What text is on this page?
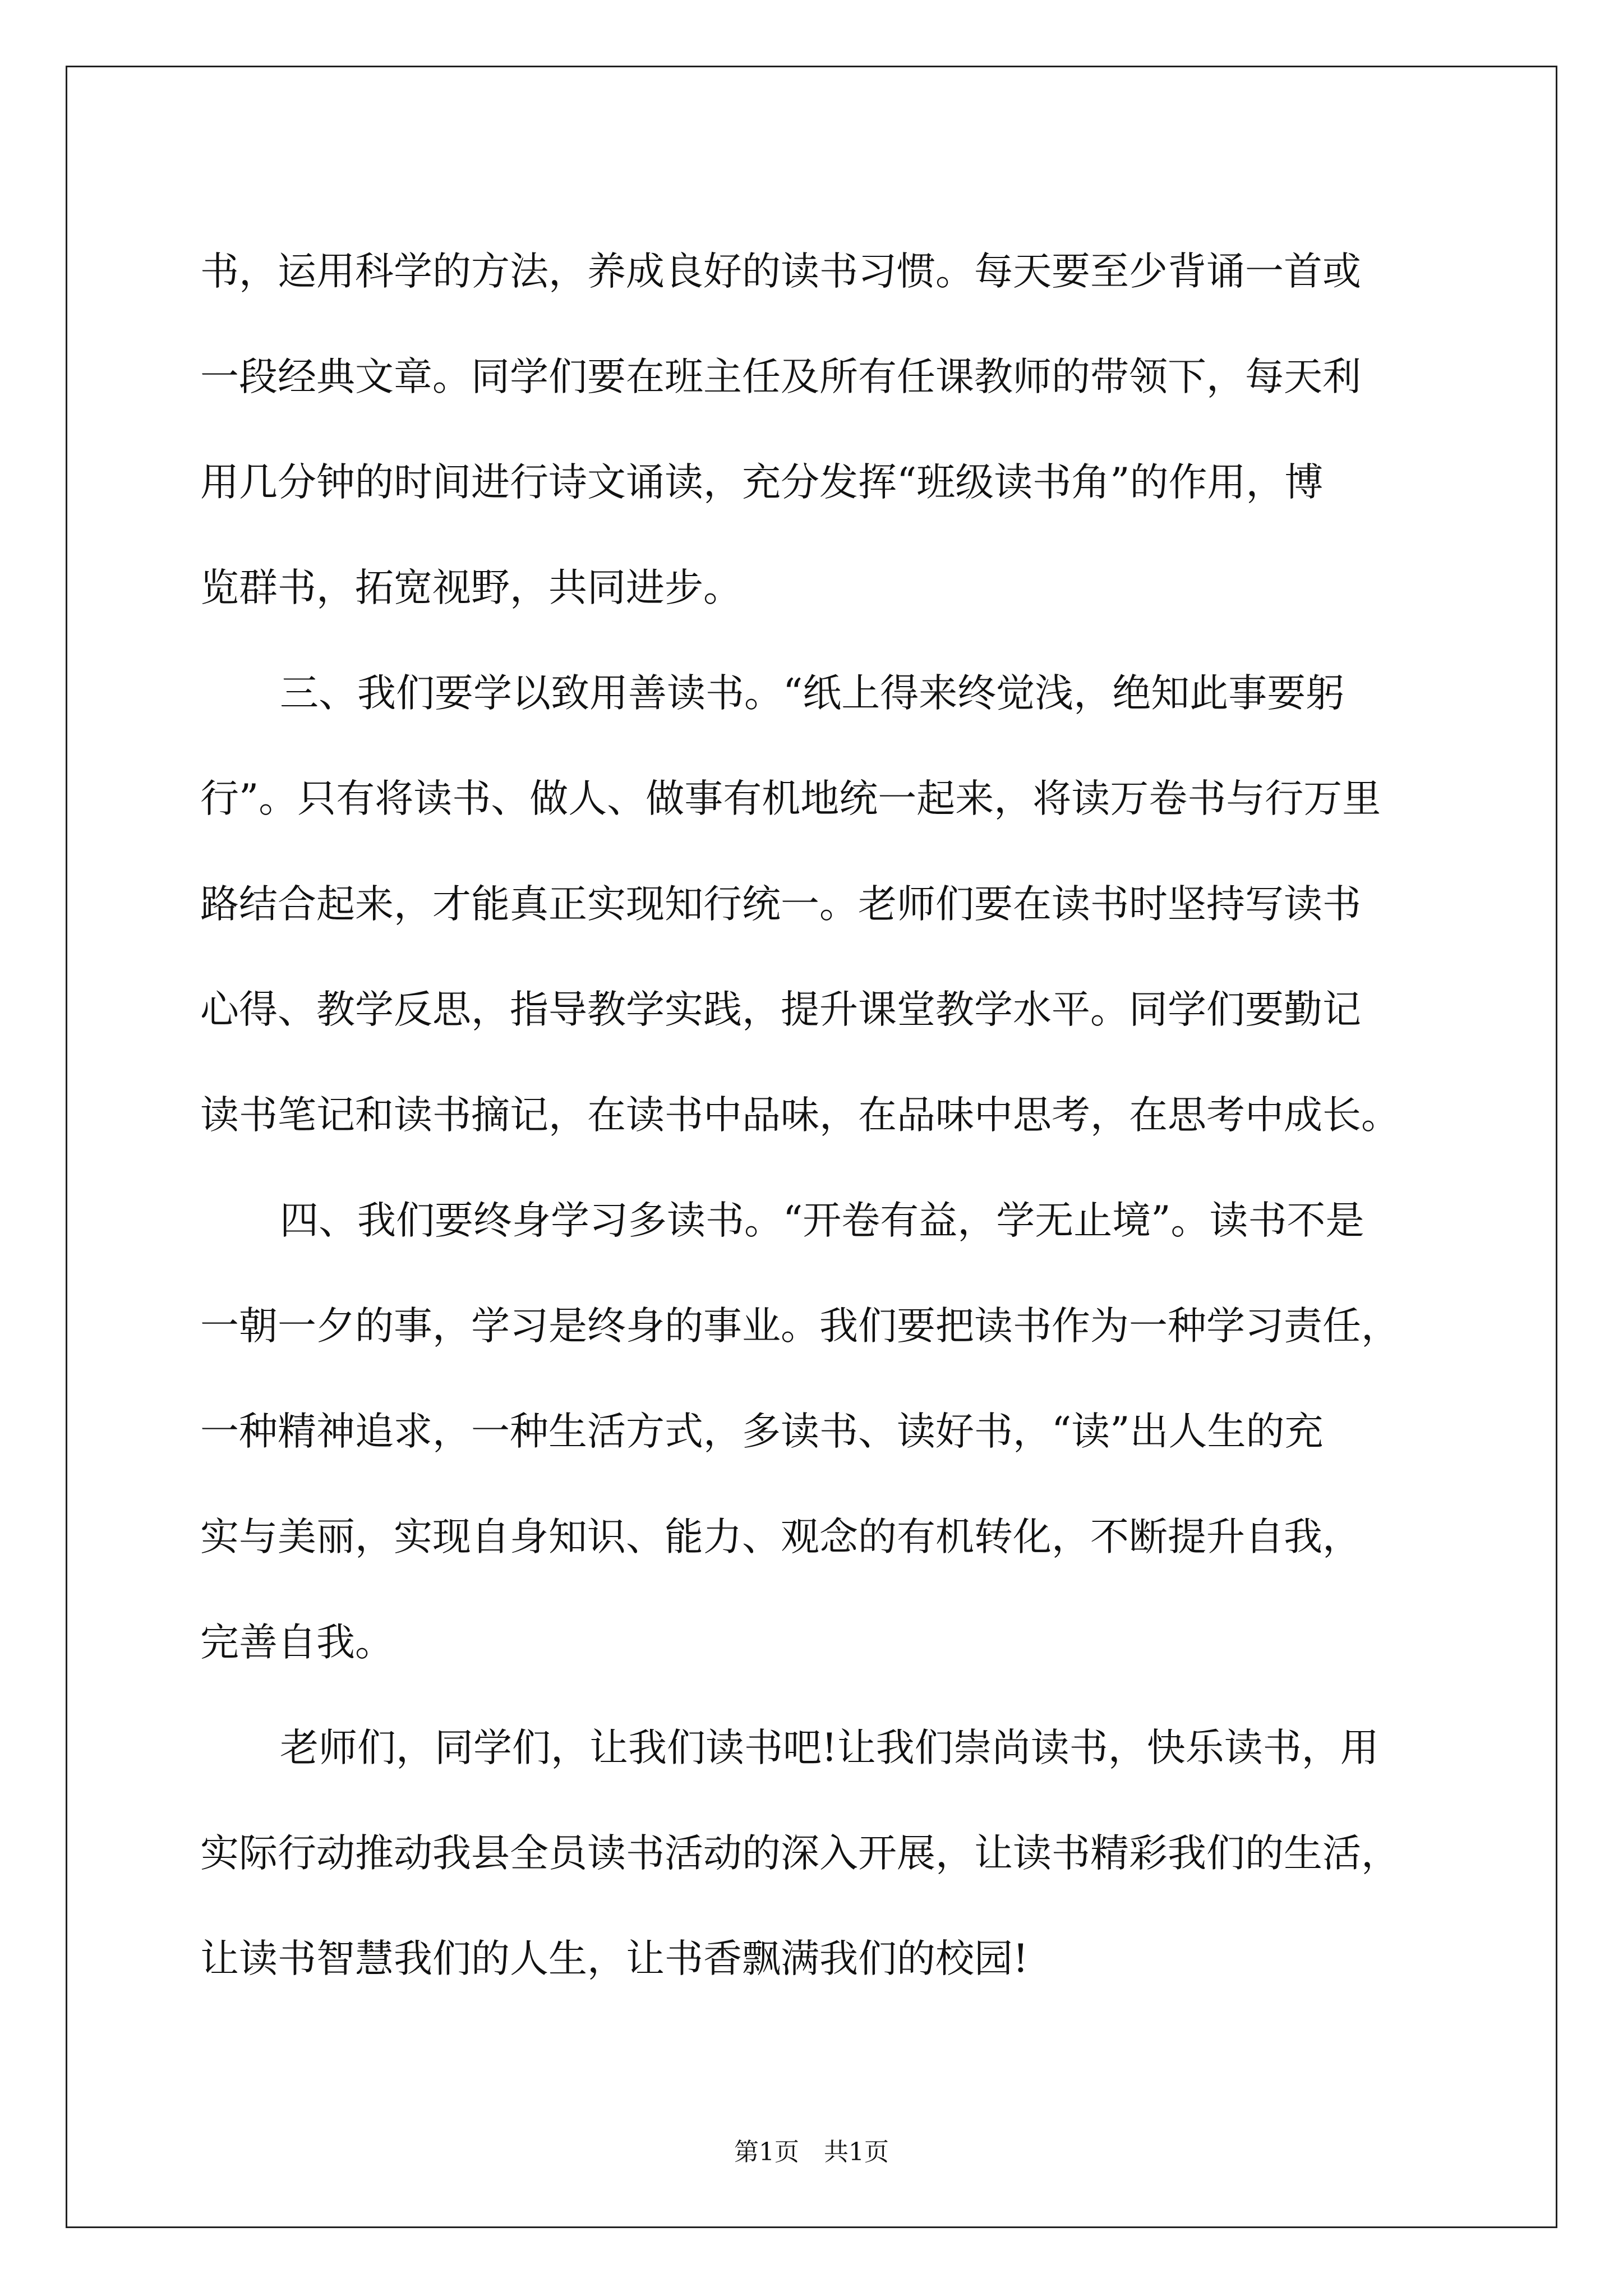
书，运用科学的方法，养成良好的读书习惯。每天要至少背诵一首或
一段经典文章。同学们要在班主任及所有任课教师的带领下，每天利
用几分钟的时间进行诗文诵读，充分发挥“班级读书角”的作用，博
览群书，拓宽视野，共同进步。
三、我们要学以致用善读书。“纸上得来终觉浅，绝知此事要躬
行”。只有将读书、做人、做事有机地统一起来，将读万卷书与行万里
路结合起来，才能真正实现知行统一。老师们要在读书时坚持写读书
心得、教学反思，指导教学实践，提升课堂教学水平。同学们要勤记
读书笔记和读书摘记，在读书中品味，在品味中思考，在思考中成长。
四、我们要终身学习多读书。“开卷有益，学无止境”。读书不是
一朝一夕的事，学习是终身的事业。我们要把读书作为一种学习责任，
一种精神追求，一种生活方式，多读书、读好书，“读”出人生的充
实与美丽，实现自身知识、能力、观念的有机转化，不断提升自我，
完善自我。
老师们，同学们，让我们读书吧!让我们崇尚读书，快乐读书，用
实际行动推动我县全员读书活动的深入开展，让读书精彩我们的生活，
让读书智慧我们的人生，让书香飘满我们的校园!
第1页　共1页
